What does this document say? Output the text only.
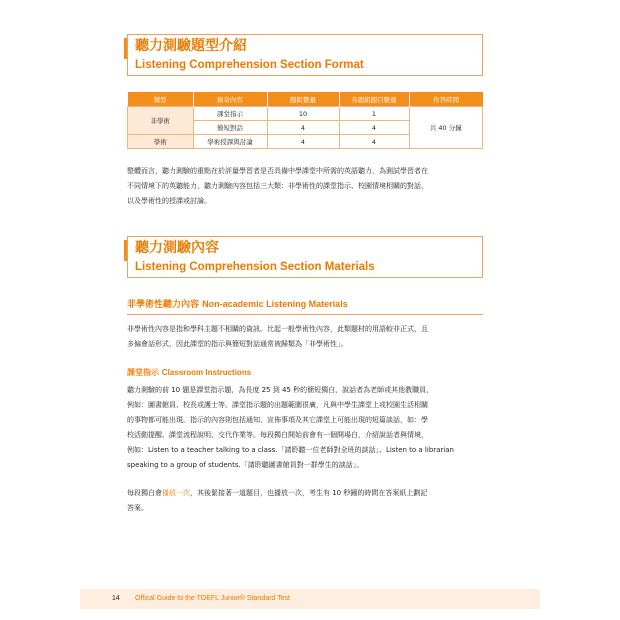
聽力測驗題型介紹
Listening Comprehension Section Format
類型	錄音內容	題組數量	各題組題目數量	作答時間
非學術	課堂指示	10	1	共 40 分鐘
	簡短對話	4	4	
學術	學術授課與討論	4	4	
整體而言，聽力測驗的重點在於評量學習者是否具備中學課堂中所需的英語聽力，為測試學習者在
不同情境下的英聽能力，聽力測驗內容包括三大類：非學術性的課堂指示、校園情境相關的對話，
以及學術性的授課或討論。
聽力測驗內容
Listening Comprehension Section Materials
非學術性聽力內容 Non-academic Listening Materials
非學術性內容是指和學科主題不相關的資訊。比起一般學術性內容，此類題材的用語較非正式，且
多偏會話形式，因此課堂的指示與簡短對話通常被歸類為「非學術性」。
課堂指示 Classroom Instructions
聽力測驗的前 10 題是課堂指示題，為長度 25 到 45 秒的簡短獨白，說話者為老師或其他教職員，
例如：圖書館員、校長或護士等。課堂指示題的出題範圍很廣，凡與中學生課堂上或校園生活相關
的事物都可能出現。指示的內容則包括通知、宣佈事項及其它課堂上可能出現的短篇談話，如：學
校活動提醒、課堂流程說明、交代作業等。每段獨白開始前會有一個開場白，介紹說話者與情境，
例如：Listen to a teacher talking to a class.「請聆聽一位老師對全班的談話」、Listen to a librarian
speaking to a group of students.「請聆聽圖書館員對一群學生的談話」。
每段獨白會播放一次，其後緊接著一道題目，也播放一次，考生有 10 秒鐘的時間在答案紙上劃記
答案。
14 Offical Guide to the TOEFL Junior® Standard Test
